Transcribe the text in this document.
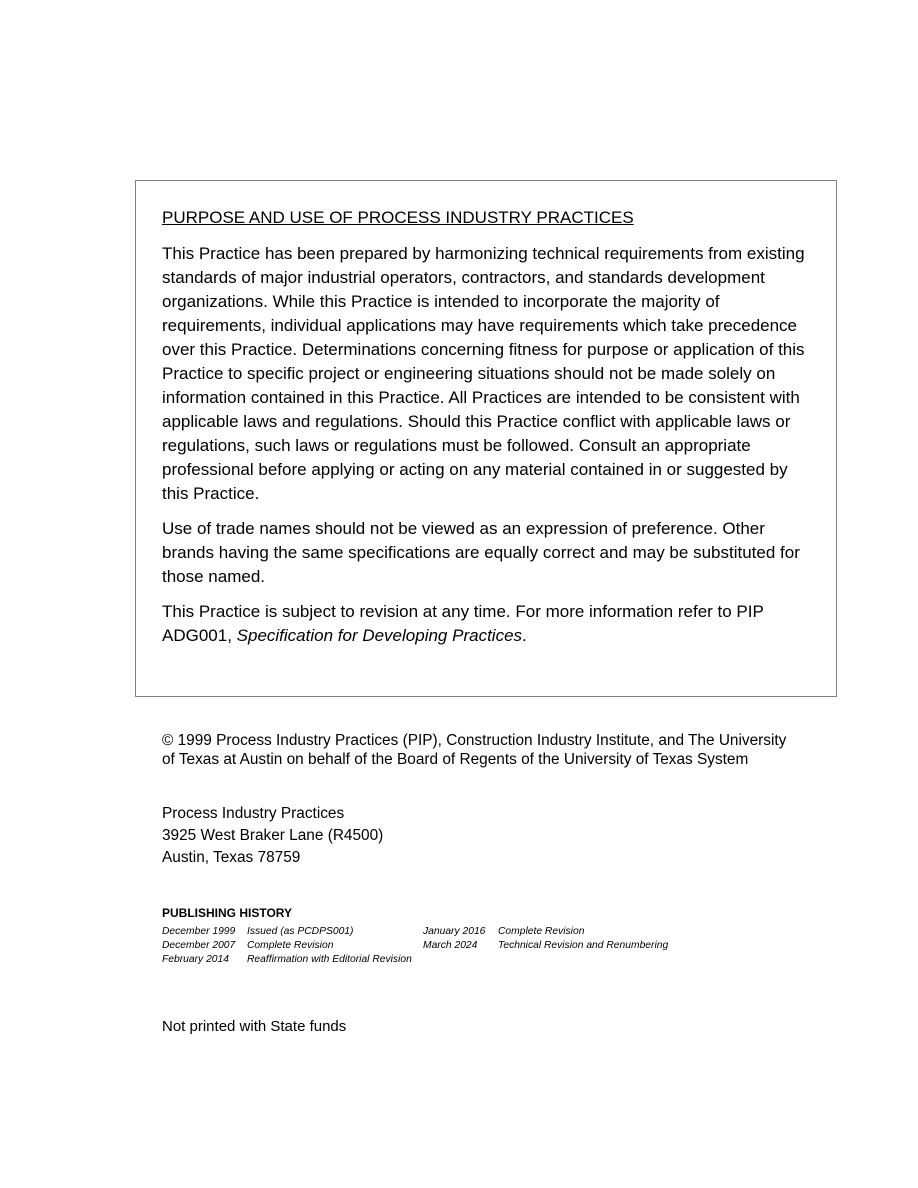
PURPOSE AND USE OF PROCESS INDUSTRY PRACTICES

This Practice has been prepared by harmonizing technical requirements from existing standards of major industrial operators, contractors, and standards development organizations. While this Practice is intended to incorporate the majority of requirements, individual applications may have requirements which take precedence over this Practice. Determinations concerning fitness for purpose or application of this Practice to specific project or engineering situations should not be made solely on information contained in this Practice. All Practices are intended to be consistent with applicable laws and regulations. Should this Practice conflict with applicable laws or regulations, such laws or regulations must be followed. Consult an appropriate professional before applying or acting on any material contained in or suggested by this Practice.

Use of trade names should not be viewed as an expression of preference. Other brands having the same specifications are equally correct and may be substituted for those named.

This Practice is subject to revision at any time. For more information refer to PIP ADG001, Specification for Developing Practices.

© 1999 Process Industry Practices (PIP), Construction Industry Institute, and The University of Texas at Austin on behalf of the Board of Regents of the University of Texas System

Process Industry Practices
3925 West Braker Lane (R4500)
Austin, Texas 78759

PUBLISHING HISTORY

December 1999 Issued (as PCDPS001)
December 2007 Complete Revision
February 2014 Reaffirmation with Editorial Revision
January 2016 Complete Revision
March 2024 Technical Revision and Renumbering

Not printed with State funds
